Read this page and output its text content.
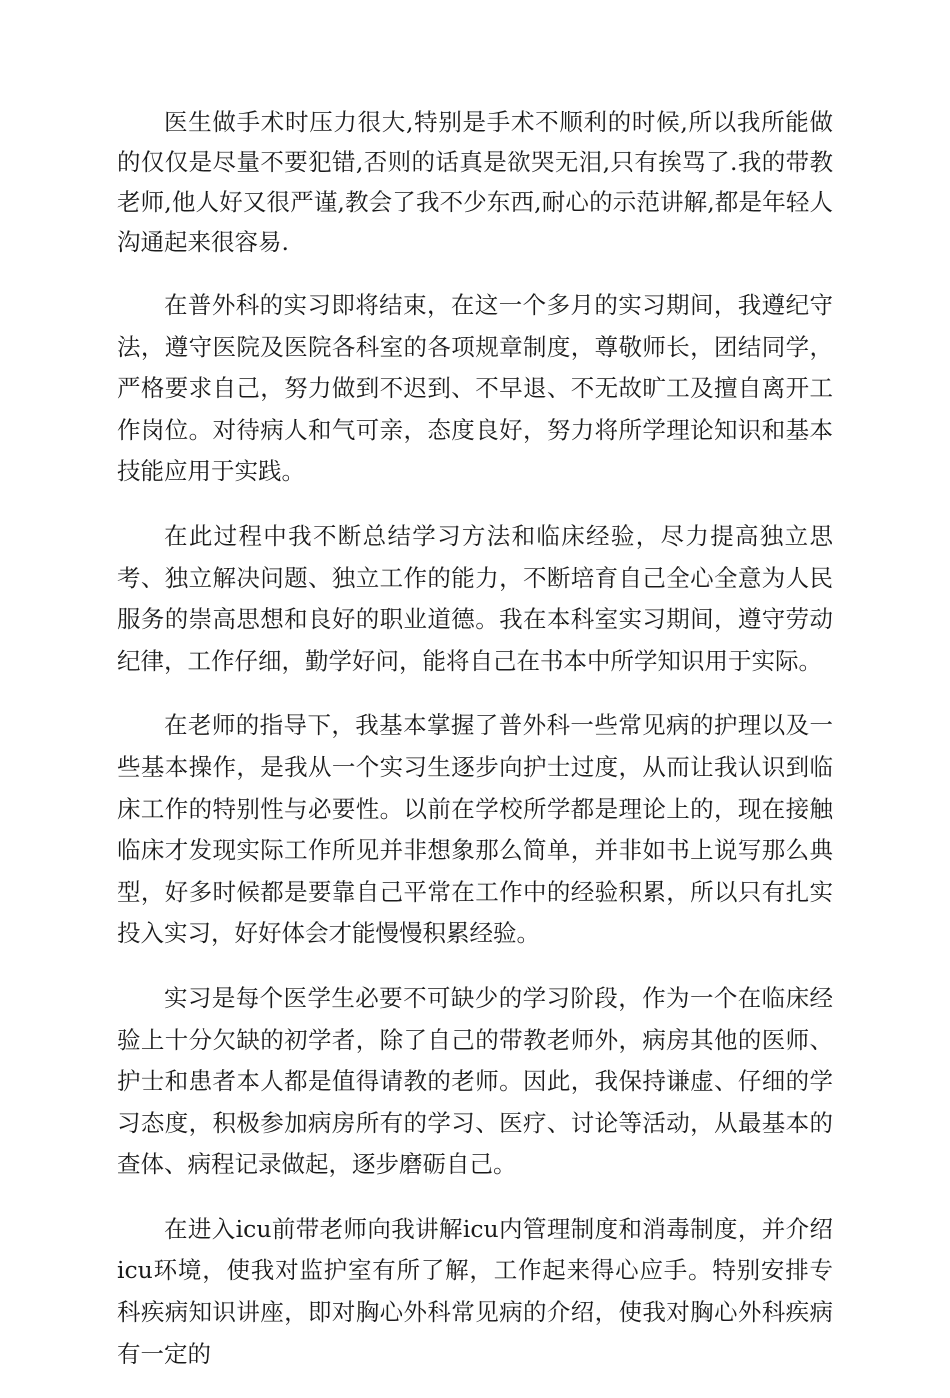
医生做手术时压力很大,特别是手术不顺利的时候,所以我所能做的仅仅是尽量不要犯错,否则的话真是欲哭无泪,只有挨骂了.我的带教老师,他人好又很严谨,教会了我不少东西,耐心的示范讲解,都是年轻人沟通起来很容易.

在普外科的实习即将结束，在这一个多月的实习期间，我遵纪守法，遵守医院及医院各科室的各项规章制度，尊敬师长，团结同学，严格要求自己，努力做到不迟到、不早退、不无故旷工及擅自离开工作岗位。对待病人和气可亲，态度良好，努力将所学理论知识和基本技能应用于实践。

在此过程中我不断总结学习方法和临床经验，尽力提高独立思考、独立解决问题、独立工作的能力，不断培育自己全心全意为人民服务的崇高思想和良好的职业道德。我在本科室实习期间，遵守劳动纪律，工作仔细，勤学好问，能将自己在书本中所学知识用于实际。

在老师的指导下，我基本掌握了普外科一些常见病的护理以及一些基本操作，是我从一个实习生逐步向护士过度，从而让我认识到临床工作的特别性与必要性。以前在学校所学都是理论上的，现在接触临床才发现实际工作所见并非想象那么简单，并非如书上说写那么典型，好多时候都是要靠自己平常在工作中的经验积累，所以只有扎实投入实习，好好体会才能慢慢积累经验。

实习是每个医学生必要不可缺少的学习阶段，作为一个在临床经验上十分欠缺的初学者，除了自己的带教老师外，病房其他的医师、护士和患者本人都是值得请教的老师。因此，我保持谦虚、仔细的学习态度，积极参加病房所有的学习、医疗、讨论等活动，从最基本的查体、病程记录做起，逐步磨砺自己。

在进入icu前带老师向我讲解icu内管理制度和消毒制度，并介绍icu环境，使我对监护室有所了解，工作起来得心应手。特别安排专科疾病知识讲座，即对胸心外科常见病的介绍，使我对胸心外科疾病有一定的
